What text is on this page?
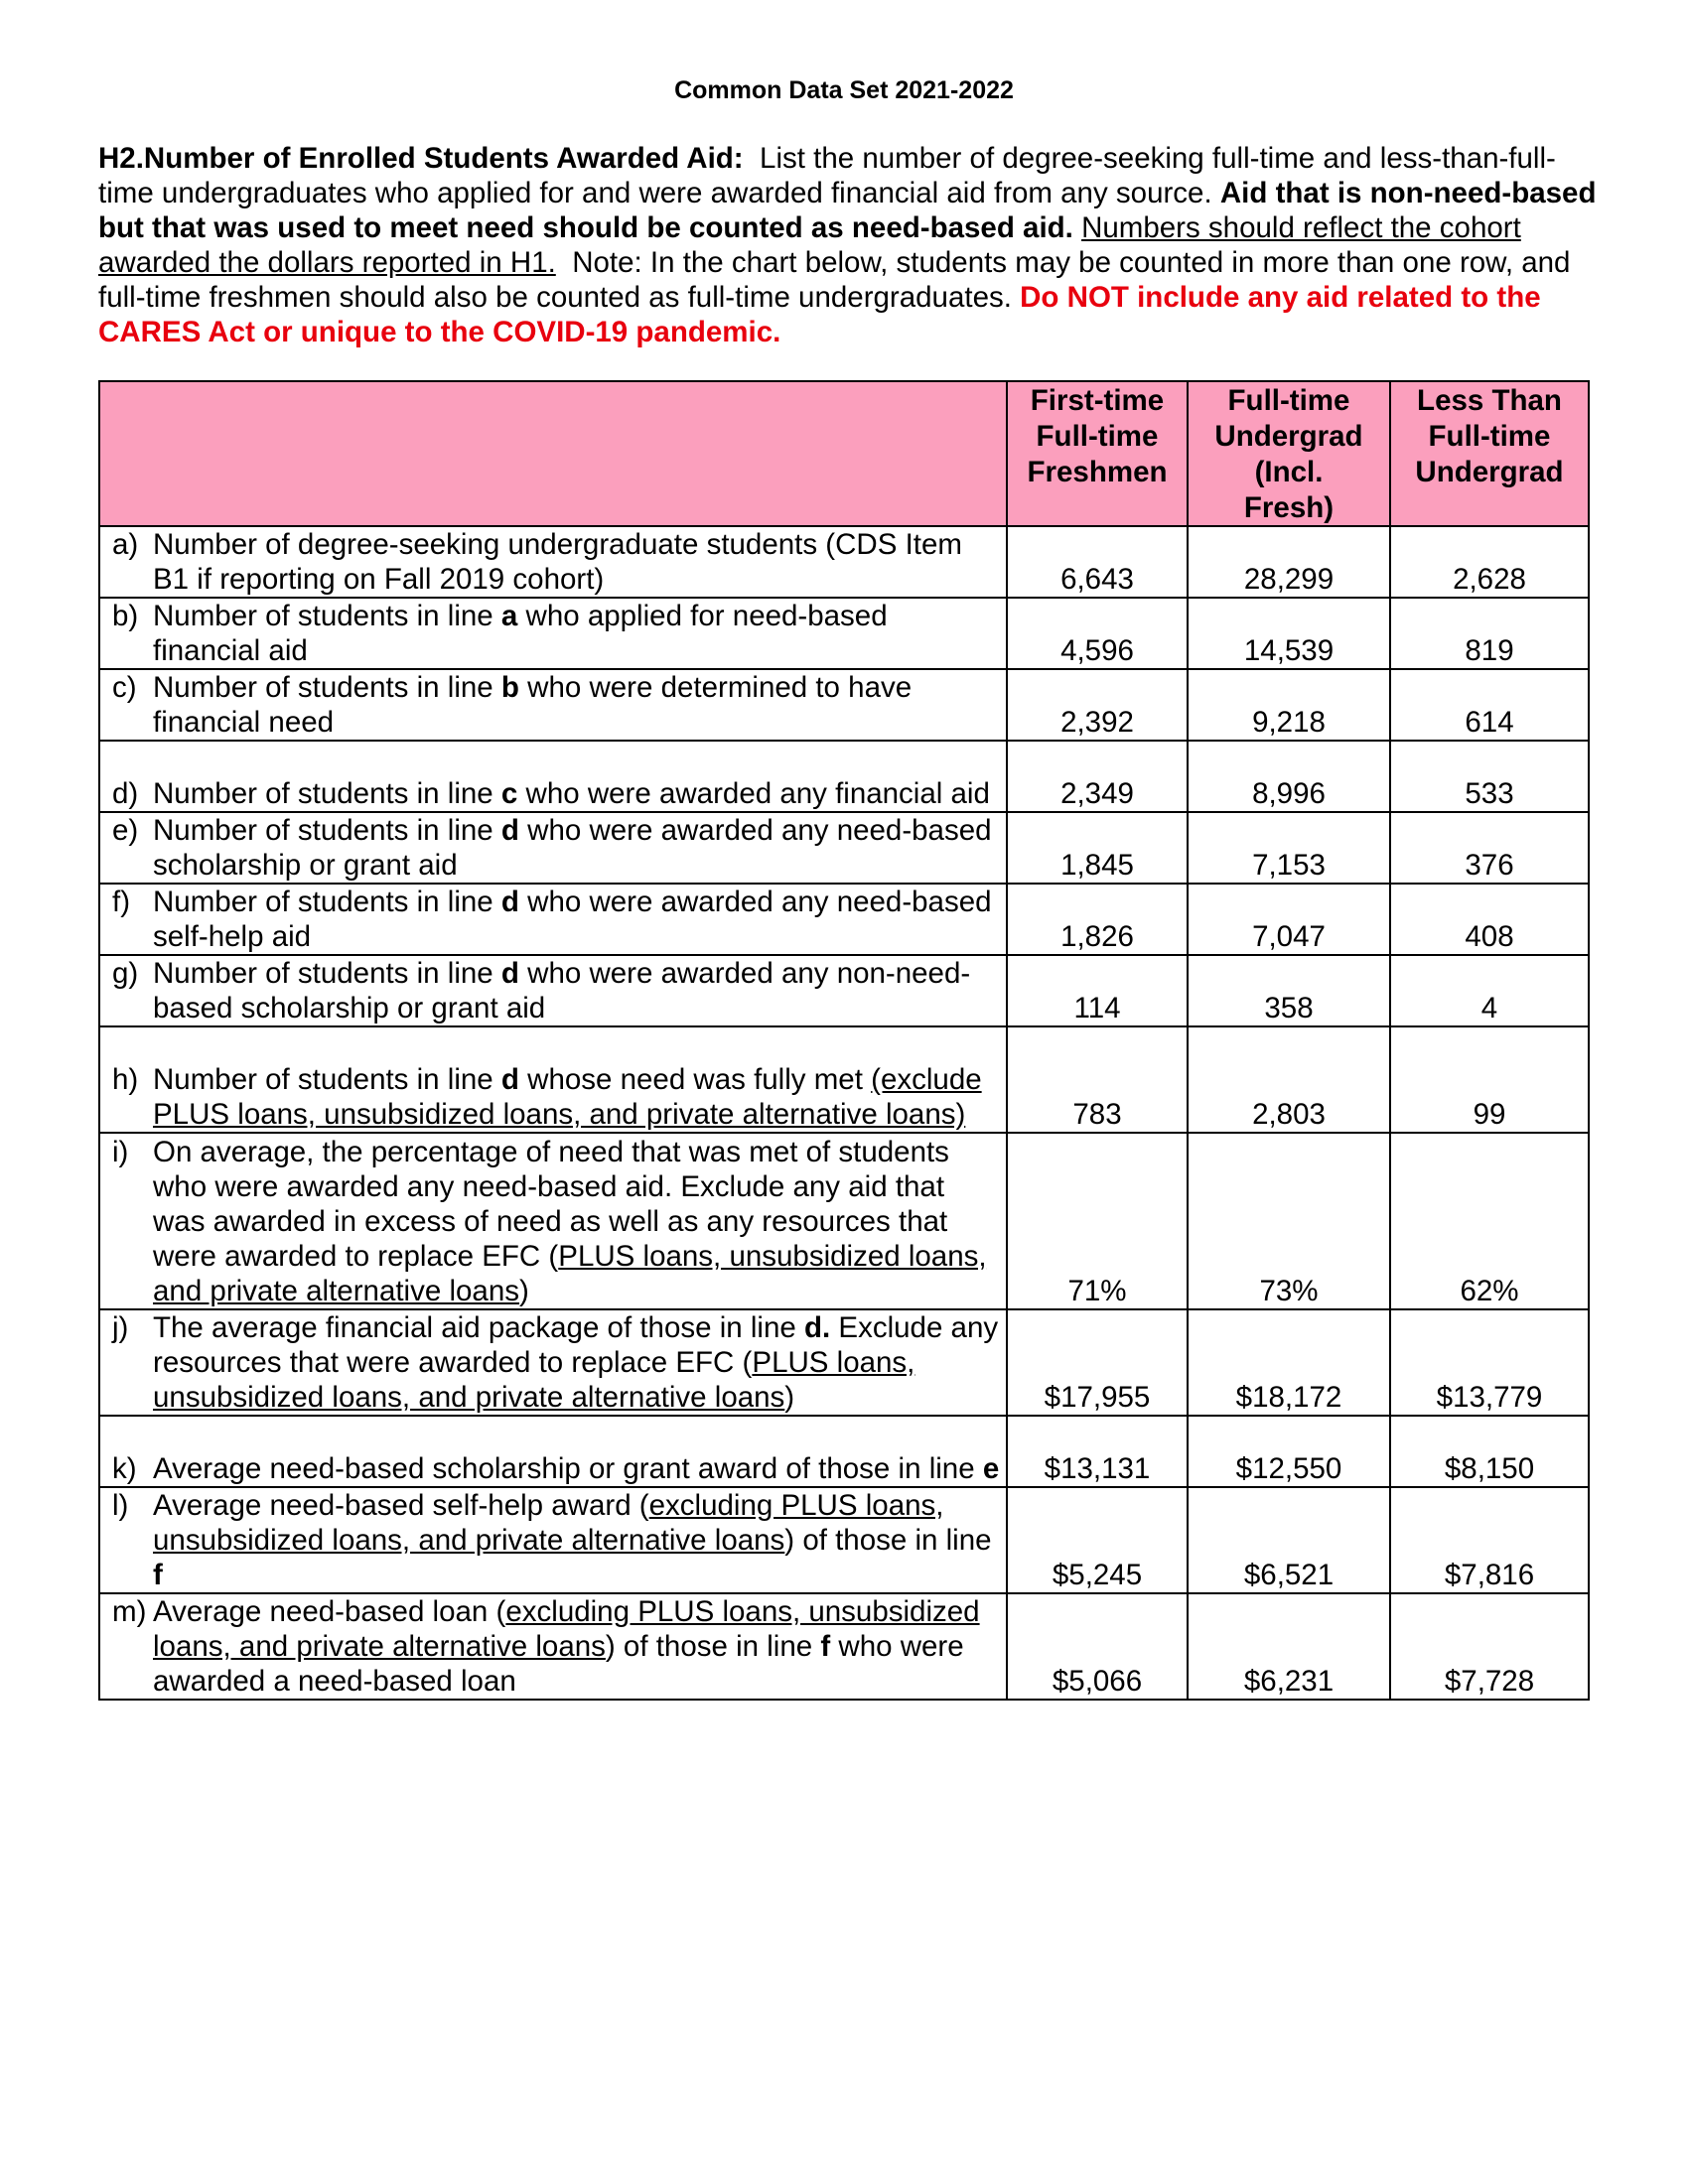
Common Data Set 2021-2022
H2.Number of Enrolled Students Awarded Aid: List the number of degree-seeking full-time and less-than-full-time undergraduates who applied for and were awarded financial aid from any source. Aid that is non-need-based but that was used to meet need should be counted as need-based aid. Numbers should reflect the cohort awarded the dollars reported in H1. Note: In the chart below, students may be counted in more than one row, and full-time freshmen should also be counted as full-time undergraduates. Do NOT include any aid related to the CARES Act or unique to the COVID-19 pandemic.

	First-time
Full-time
Freshmen	Full-time
Undergrad
(Incl.
Fresh)	Less Than
Full-time
Undergrad

a) Number of degree-seeking undergraduate students (CDS Item B1 if reporting on Fall 2019 cohort)	6,643	28,299	2,628

b) Number of students in line a who applied for need-based financial aid	4,596	14,539	819

c) Number of students in line b who were determined to have financial need	2,392	9,218	614

d) Number of students in line c who were awarded any financial aid	2,349	8,996	533

e) Number of students in line d who were awarded any need-based scholarship or grant aid	1,845	7,153	376

f) Number of students in line d who were awarded any need-based self-help aid	1,826	7,047	408

g) Number of students in line d who were awarded any non-need-based scholarship or grant aid	114	358	4

h) Number of students in line d whose need was fully met (exclude PLUS loans, unsubsidized loans, and private alternative loans)	783	2,803	99

i) On average, the percentage of need that was met of students who were awarded any need-based aid. Exclude any aid that was awarded in excess of need as well as any resources that were awarded to replace EFC (PLUS loans, unsubsidized loans, and private alternative loans)	71%	73%	62%

j) The average financial aid package of those in line d. Exclude any resources that were awarded to replace EFC (PLUS loans, unsubsidized loans, and private alternative loans)	$17,955	$18,172	$13,779

k) Average need-based scholarship or grant award of those in line e	$13,131	$12,550	$8,150

l) Average need-based self-help award (excluding PLUS loans, unsubsidized loans, and private alternative loans) of those in line f	$5,245	$6,521	$7,816

m) Average need-based loan (excluding PLUS loans, unsubsidized loans, and private alternative loans) of those in line f who were awarded a need-based loan	$5,066	$6,231	$7,728
